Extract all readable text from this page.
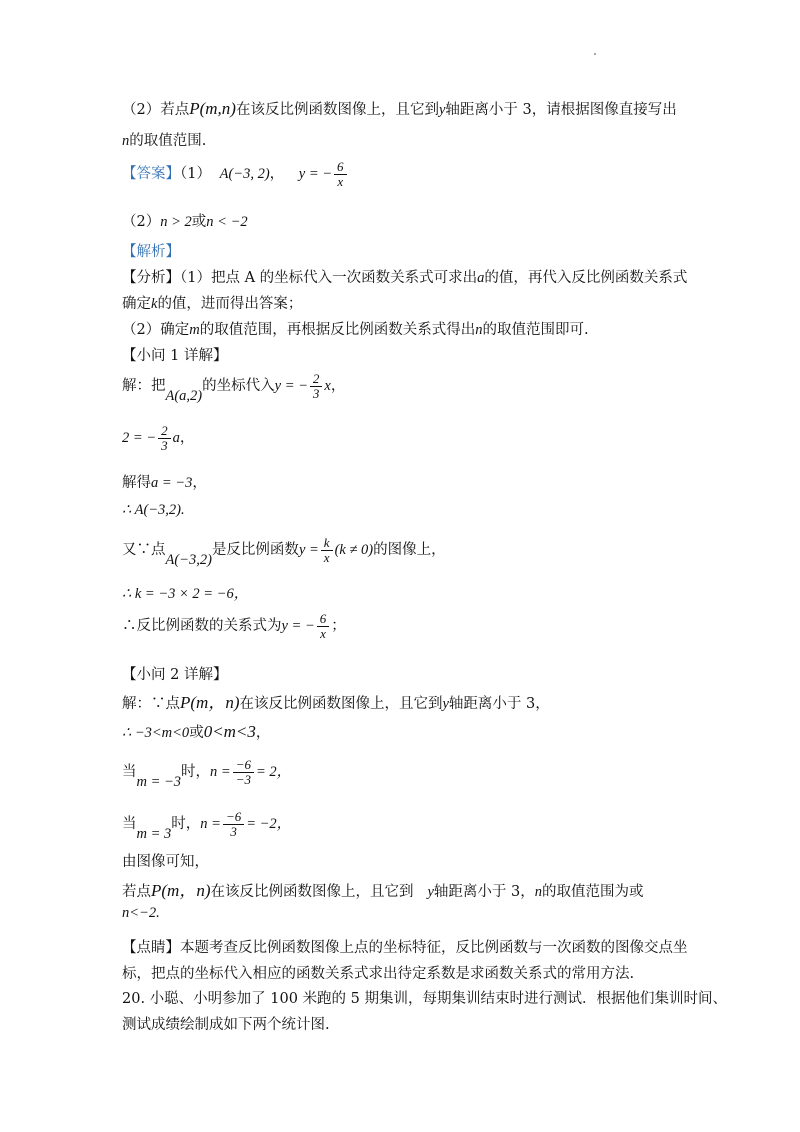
（2）若点P(m,n)在该反比例函数图像上，且它到y轴距离小于 3，请根据图像直接写出
n的取值范围.
【答案】（1） A(−3, 2)， y = − $\frac{6}{x}$
（2）n > 2或n < −2
【解析】
【分析】（1）把点 A 的坐标代入一次函数关系式可求出a的值，再代入反比例函数关系式
确定k的值，进而得出答案；
（2）确定m的取值范围，再根据反比例函数关系式得出n的取值范围即可.
【小问 1 详解】
解：把A(a,2)的坐标代入y = − $\frac{2}{3}$ x，
2 = − $\frac{2}{3}$ a，
解得a = −3，
∴ A(−3,2).
又∵点A(−3,2)是反比例函数$y = \frac{k}{x} (k \ne 0)$的图像上，
∴ k = −3 × 2 = −6，
∴反比例函数的关系式为y = − $\frac{6}{x}$ ；
【小问 2 详解】
解：∵点P(m，n)在该反比例函数图像上，且它到y轴距离小于 3，
∴ −3<m<0或0<m<3，
当m = −3时，$n = \frac{-6}{-3} = 2$，
当m = 3时，$n = \frac{-6}{3} = -2$，
由图像可知，
若点P(m，n)在该反比例函数图像上，且它到 y轴距离小于 3，n的取值范围为或
n<−2.
【点睛】本题考查反比例函数图像上点的坐标特征，反比例函数与一次函数的图像交点坐
标，把点的坐标代入相应的函数关系式求出待定系数是求函数关系式的常用方法.
20. 小聪、小明参加了 100 米跑的 5 期集训，每期集训结束时进行测试．根据他们集训时间、
测试成绩绘制成如下两个统计图.
